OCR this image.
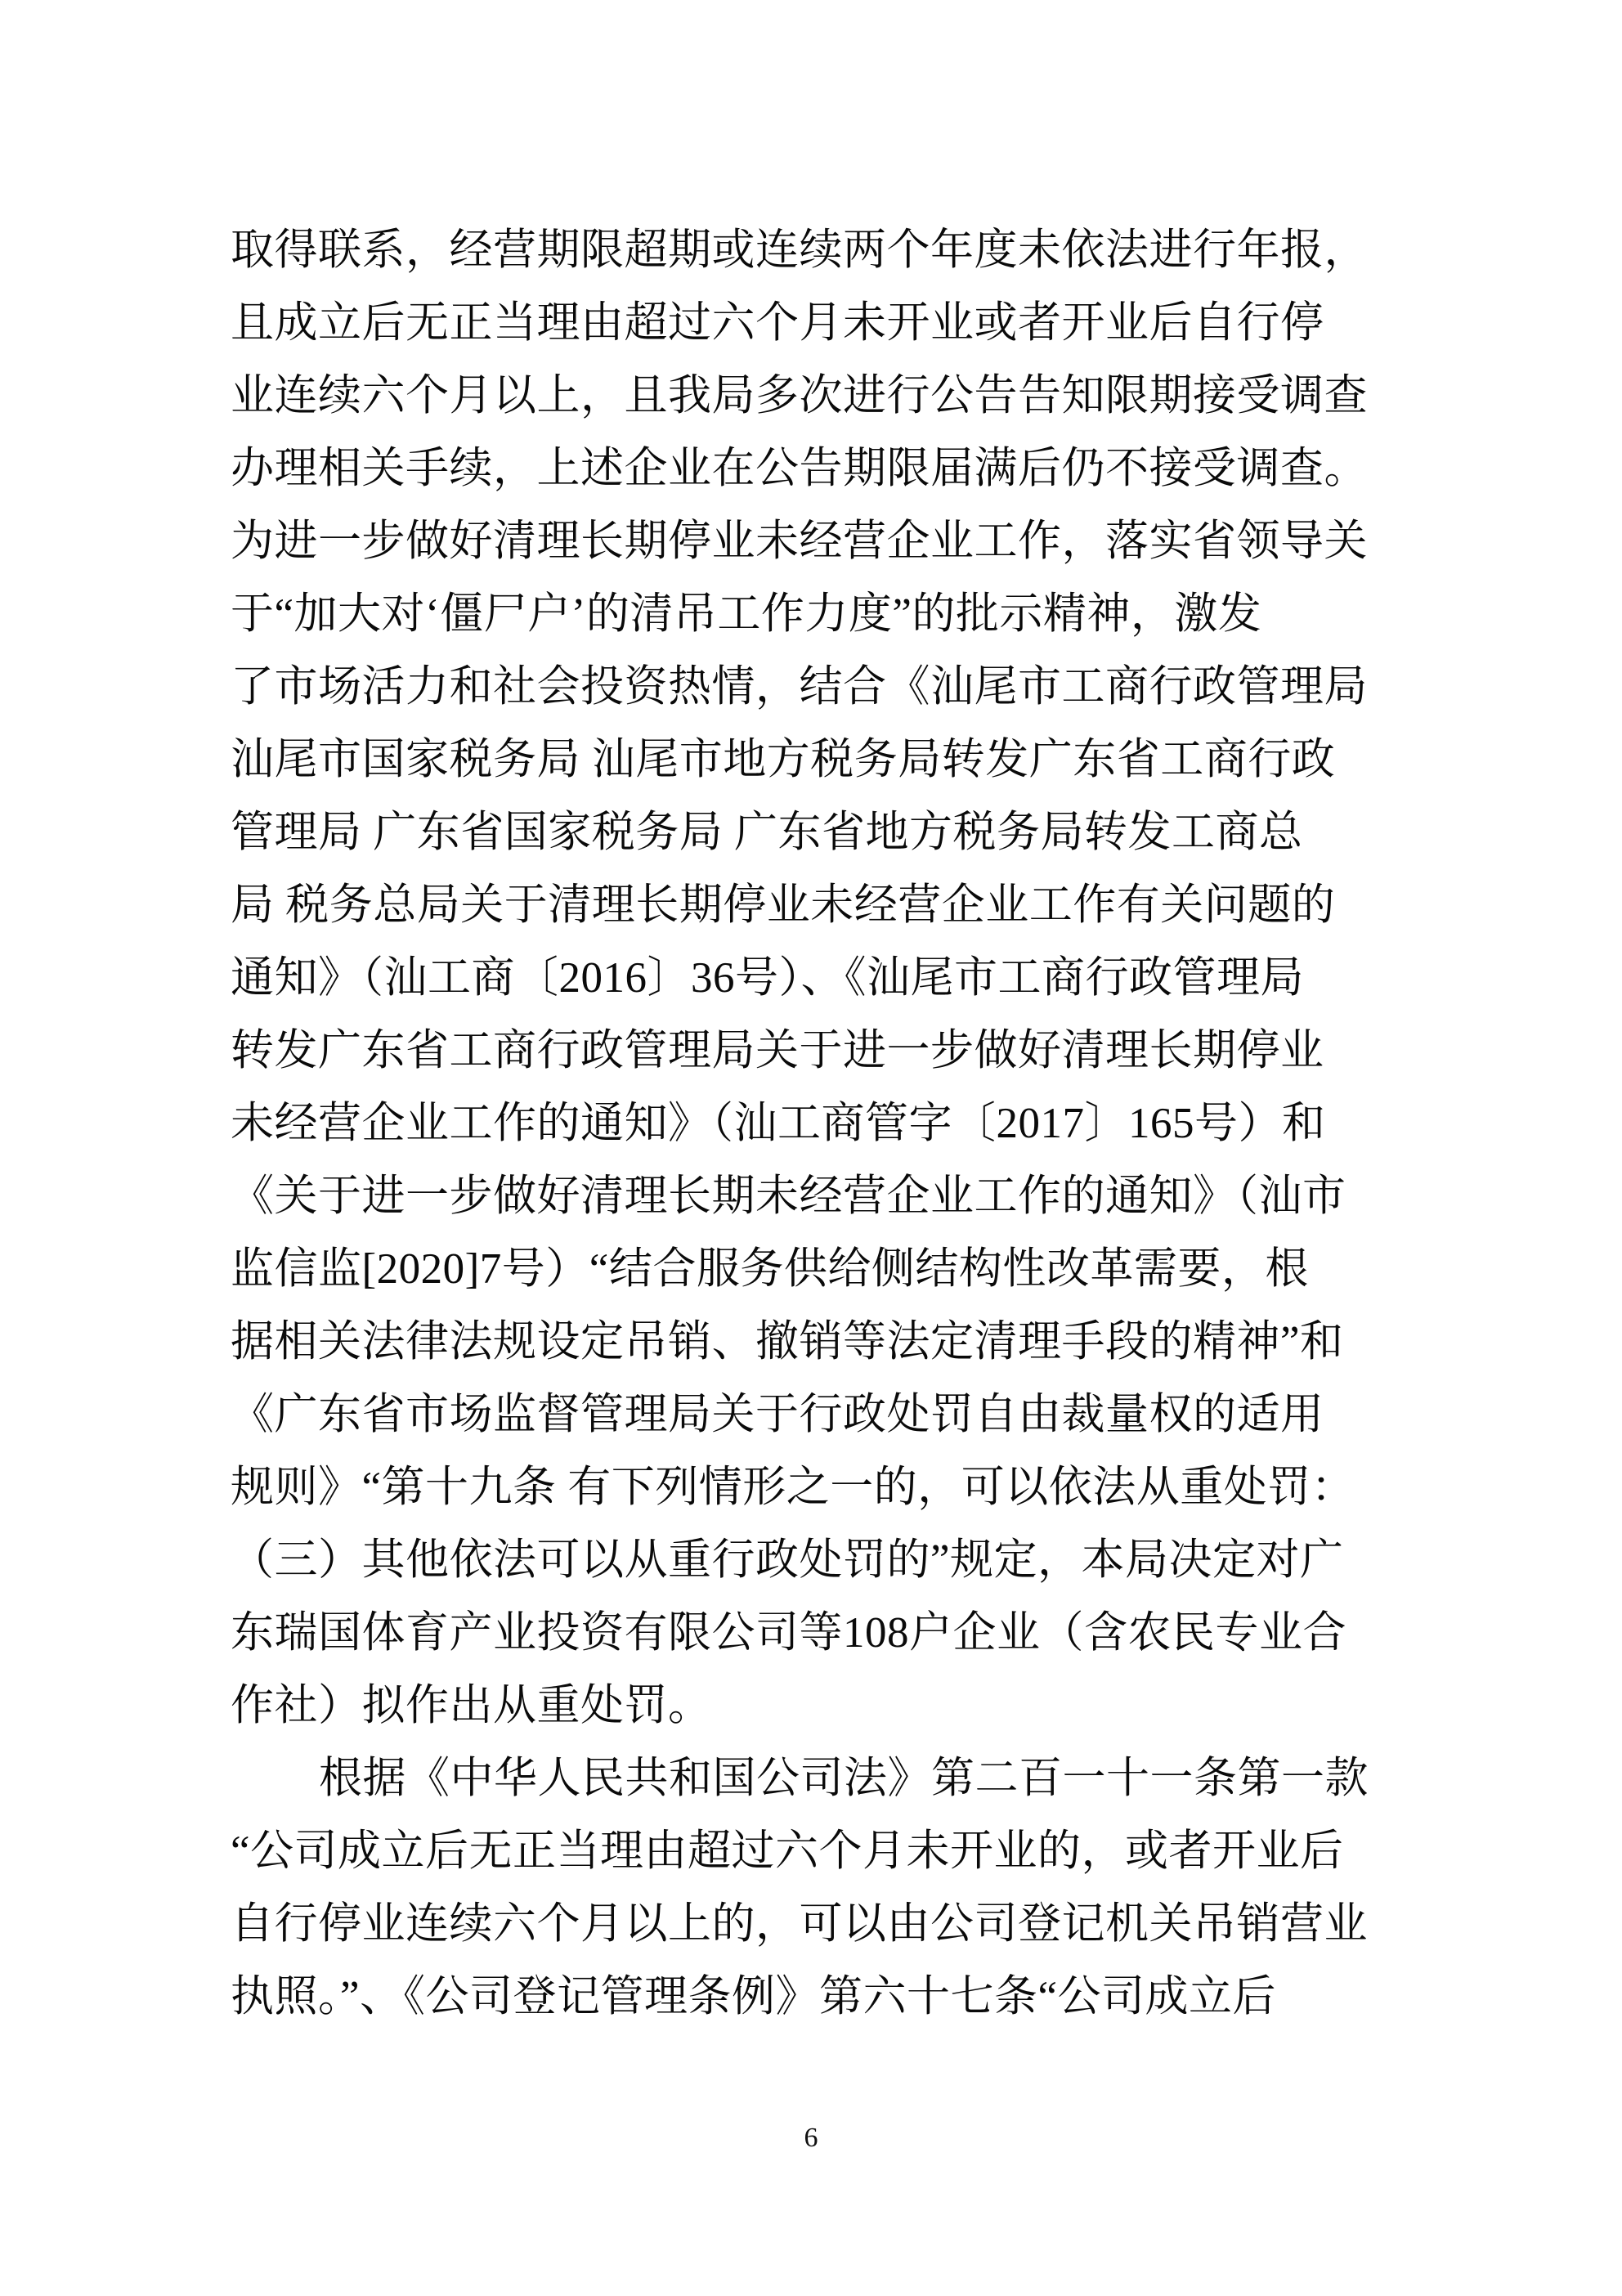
取得联系，经营期限超期或连续两个年度未依法进行年报，
且成立后无正当理由超过六个月未开业或者开业后自行停
业连续六个月以上，且我局多次进行公告告知限期接受调查
办理相关手续，上述企业在公告期限届满后仍不接受调查。
为进一步做好清理长期停业未经营企业工作，落实省领导关
于“加大对‘僵尸户’的清吊工作力度”的批示精神，激发
了市场活力和社会投资热情，结合《汕尾市工商行政管理局
汕尾市国家税务局 汕尾市地方税务局转发广东省工商行政
管理局 广东省国家税务局 广东省地方税务局转发工商总
局 税务总局关于清理长期停业未经营企业工作有关问题的
通知》（汕工商〔2016〕36号）、《汕尾市工商行政管理局
转发广东省工商行政管理局关于进一步做好清理长期停业
未经营企业工作的通知》（汕工商管字〔2017〕165号）和
《关于进一步做好清理长期未经营企业工作的通知》（汕市
监信监[2020]7号）“结合服务供给侧结构性改革需要，根
据相关法律法规设定吊销、撤销等法定清理手段的精神”和
《广东省市场监督管理局关于行政处罚自由裁量权的适用
规则》“第十九条 有下列情形之一的，可以依法从重处罚：
（三）其他依法可以从重行政处罚的”规定，本局决定对广
东瑞国体育产业投资有限公司等108户企业（含农民专业合
作社）拟作出从重处罚。
根据《中华人民共和国公司法》第二百一十一条第一款
“公司成立后无正当理由超过六个月未开业的，或者开业后
自行停业连续六个月以上的，可以由公司登记机关吊销营业
执照。”、《公司登记管理条例》第六十七条“公司成立后
6
